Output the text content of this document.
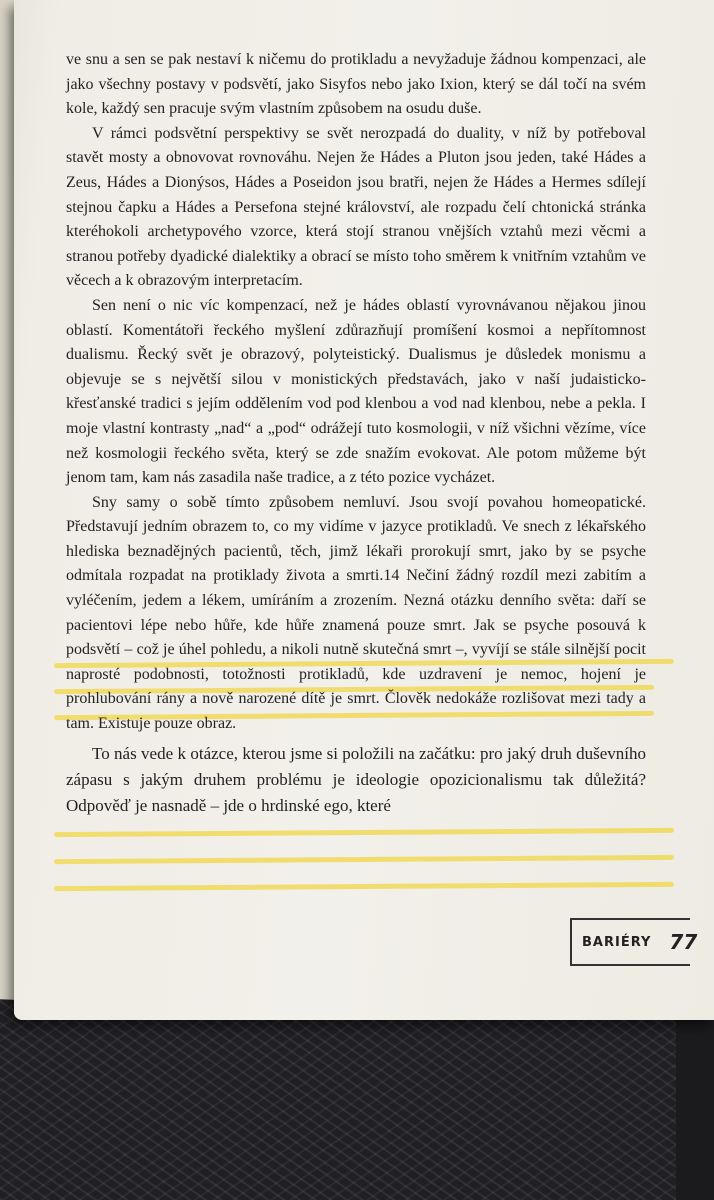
ve snu a sen se pak nestaví k ničemu do protikladu a nevyžaduje žádnou kompenzaci, ale jako všechny postavy v podsvětí, jako Sisyfos nebo jako Ixion, který se dál točí na svém kole, každý sen pracuje svým vlastním způsobem na osudu duše.

V rámci podsvětní perspektivy se svět nerozpadá do duality, v níž by potřeboval stavět mosty a obnovovat rovnováhu. Nejen že Hádes a Pluton jsou jeden, také Hádes a Zeus, Hádes a Dionýsos, Hádes a Poseidon jsou bratři, nejen že Hádes a Hermes sdílejí stejnou čapku a Hádes a Persefona stejné království, ale rozpadu čelí chtonická stránka kteréhokoli archetypového vzorce, která stojí stranou vnějších vztahů mezi věcmi a stranou potřeby dyadické dialektiky a obrací se místo toho směrem k vnitřním vztahům ve věcech a k obrazovým interpretacím.

Sen není o nic víc kompenzací, než je hádes oblastí vyrovnávanou nějakou jinou oblastí. Komentátoři řeckého myšlení zdůrazňují promíšení kosmoi a nepřítomnost dualismu. Řecký svět je obrazový, polyteistický. Dualismus je důsledek monismu a objevuje se s největší silou v monistických představách, jako v naší judaisticko-křesťanské tradici s jejím oddělením vod pod klenbou a vod nad klenbou, nebe a pekla. I moje vlastní kontrasty „nad“ a „pod“ odrážejí tuto kosmologii, v níž všichni vězíme, více než kosmologii řeckého světa, který se zde snažím evokovat. Ale potom můžeme být jenom tam, kam nás zasadila naše tradice, a z této pozice vycházet.

Sny samy o sobě tímto způsobem nemluví. Jsou svojí povahou homeopatické. Představují jedním obrazem to, co my vidíme v jazyce protikladů. Ve snech z lékařského hlediska beznadějných pacientů, těch, jimž lékaři prorokují smrt, jako by se psyche odmítala rozpadat na protiklady života a smrti.14 Nečiní žádný rozdíl mezi zabitím a vyléčením, jedem a lékem, umíráním a zrozením. Nezná otázku denního světa: daří se pacientovi lépe nebo hůře, kde hůře znamená pouze smrt. Jak se psyche posouvá k podsvětí – což je úhel pohledu, a nikoli nutně skutečná smrt –, vyvíjí se stále silnější pocit naprosté podobnosti, totožnosti protikladů, kde uzdravení je nemoc, hojení je prohlubování rány a nově narozené dítě je smrt. Člověk nedokáže rozlišovat mezi tady a tam. Existuje pouze obraz.

To nás vede k otázce, kterou jsme si položili na začátku: pro jaký druh duševního zápasu s jakým druhem problému je ideologie opozicionalismu tak důležitá? Odpověď je nasnadě – jde o hrdinské ego, které

BARIÉRY 77
